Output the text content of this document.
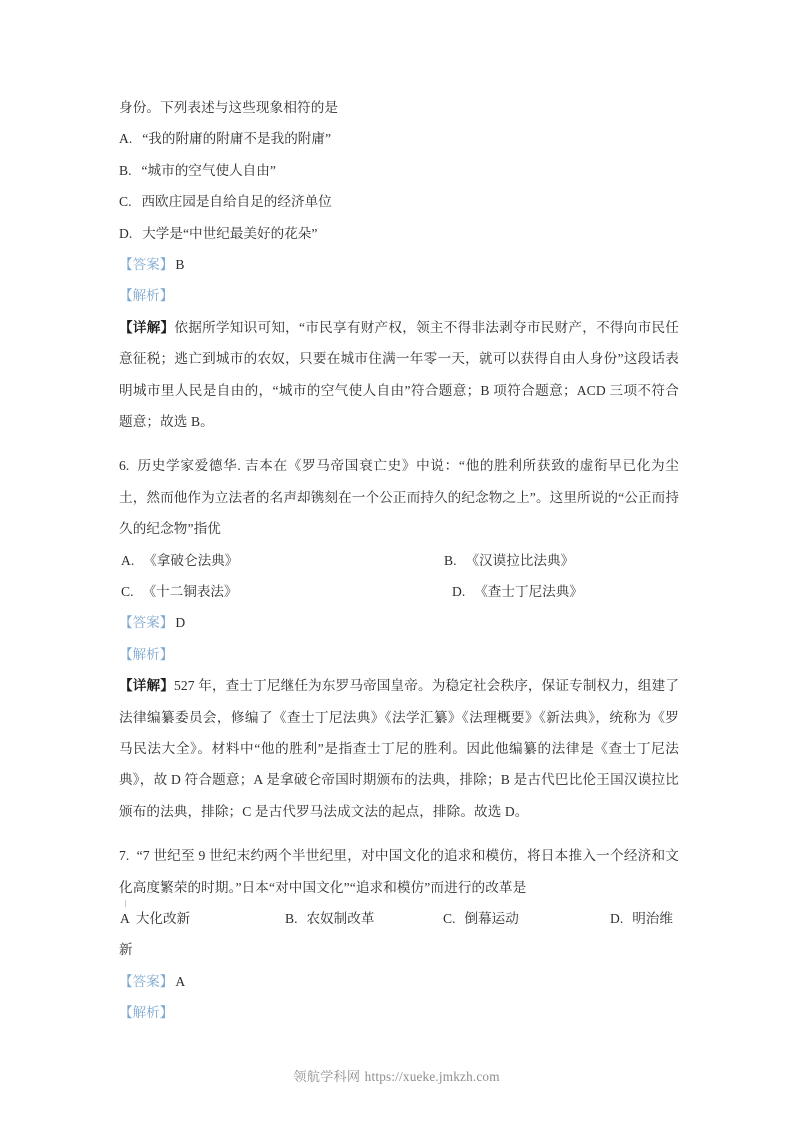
身份。下列表述与这些现象相符的是
A. “我的附庸的附庸不是我的附庸”
B. “城市的空气使人自由”
C. 西欧庄园是自给自足的经济单位
D. 大学是“中世纪最美好的花朵”
【答案】 B
【解析】
【详解】依据所学知识可知，“市民享有财产权，领主不得非法剥夺市民财产，不得向市民任意征税；逃亡到城市的农奴，只要在城市住满一年零一天，就可以获得自由人身份”这段话表明城市里人民是自由的，“城市的空气使人自由”符合题意；B 项符合题意；ACD 三项不符合题意；故选 B。
6. 历史学家爱德华. 吉本在《罗马帝国衰亡史》中说：“他的胜利所获致的虚衔早已化为尘土，然而他作为立法者的名声却镌刻在一个公正而持久的纪念物之上”。这里所说的“公正而持久的纪念物”指优
A. 《拿破仑法典》	B. 《汉谟拉比法典》
C. 《十二铜表法》	D. 《查士丁尼法典》
【答案】 D
【解析】
【详解】527 年，查士丁尼继任为东罗马帝国皇帝。为稳定社会秩序，保证专制权力，组建了法律编纂委员会，修编了《查士丁尼法典》《法学汇纂》《法理概要》《新法典》，统称为《罗马民法大全》。材料中“他的胜利”是指查士丁尼的胜利。因此他编纂的法律是《查士丁尼法典》，故 D 符合题意；A 是拿破仑帝国时期颁布的法典，排除；B 是古代巴比伦王国汉谟拉比颁布的法典，排除；C 是古代罗马法成文法的起点，排除。故选 D。
7. “7 世纪至 9 世纪末约两个半世纪里，对中国文化的追求和模仿，将日本推入一个经济和文化高度繁荣的时期。”日本“对中国文化”“追求和模仿”而进行的改革是
A 大化改新	B. 农奴制改革	C. 倒幕运动	D. 明治维
新
【答案】 A
【解析】
领航学科网 https://xueke.jmkzh.com
